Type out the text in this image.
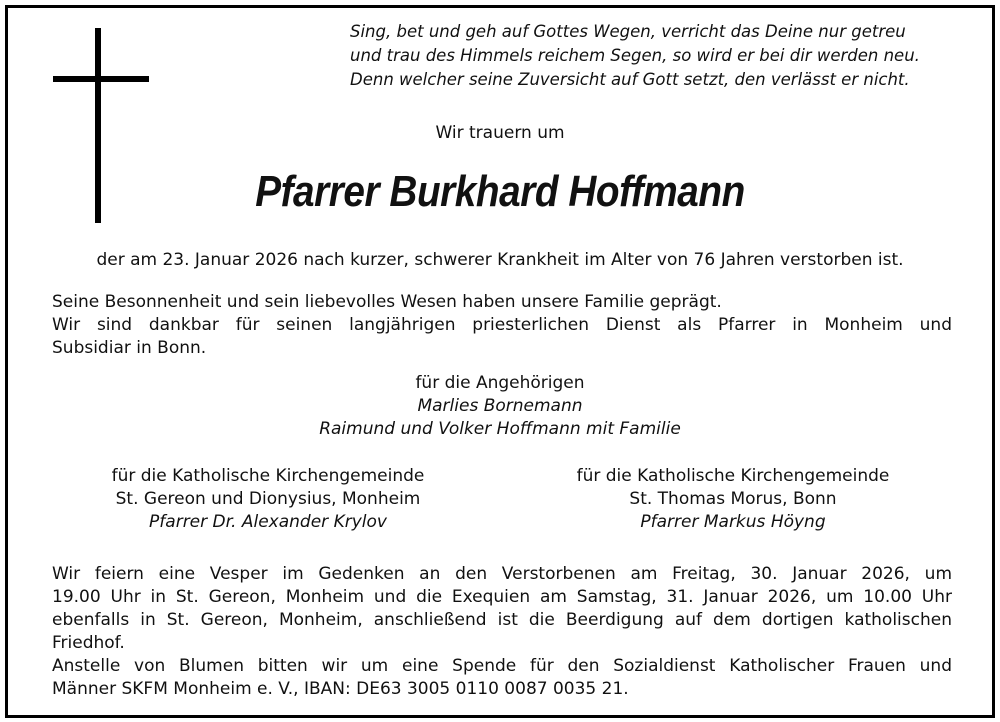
Sing, bet und geh auf Gottes Wegen, verricht das Deine nur getreu
und trau des Himmels reichem Segen, so wird er bei dir werden neu.
Denn welcher seine Zuversicht auf Gott setzt, den verlässt er nicht.
Wir trauern um
Pfarrer Burkhard Hoffmann
der am 23. Januar 2026 nach kurzer, schwerer Krankheit im Alter von 76 Jahren verstorben ist.
Seine Besonnenheit und sein liebevolles Wesen haben unsere Familie geprägt.
Wir sind dankbar für seinen langjährigen priesterlichen Dienst als Pfarrer in Monheim und
Subsidiar in Bonn.
für die Angehörigen
Marlies Bornemann
Raimund und Volker Hoffmann mit Familie
für die Katholische Kirchengemeinde
St. Gereon und Dionysius, Monheim
Pfarrer Dr. Alexander Krylov
für die Katholische Kirchengemeinde
St. Thomas Morus, Bonn
Pfarrer Markus Höyng
Wir feiern eine Vesper im Gedenken an den Verstorbenen am Freitag, 30. Januar 2026, um
19.00 Uhr in St. Gereon, Monheim und die Exequien am Samstag, 31. Januar 2026, um 10.00 Uhr
ebenfalls in St. Gereon, Monheim, anschließend ist die Beerdigung auf dem dortigen katholischen
Friedhof.
Anstelle von Blumen bitten wir um eine Spende für den Sozialdienst Katholischer Frauen und
Männer SKFM Monheim e. V., IBAN: DE63 3005 0110 0087 0035 21.
